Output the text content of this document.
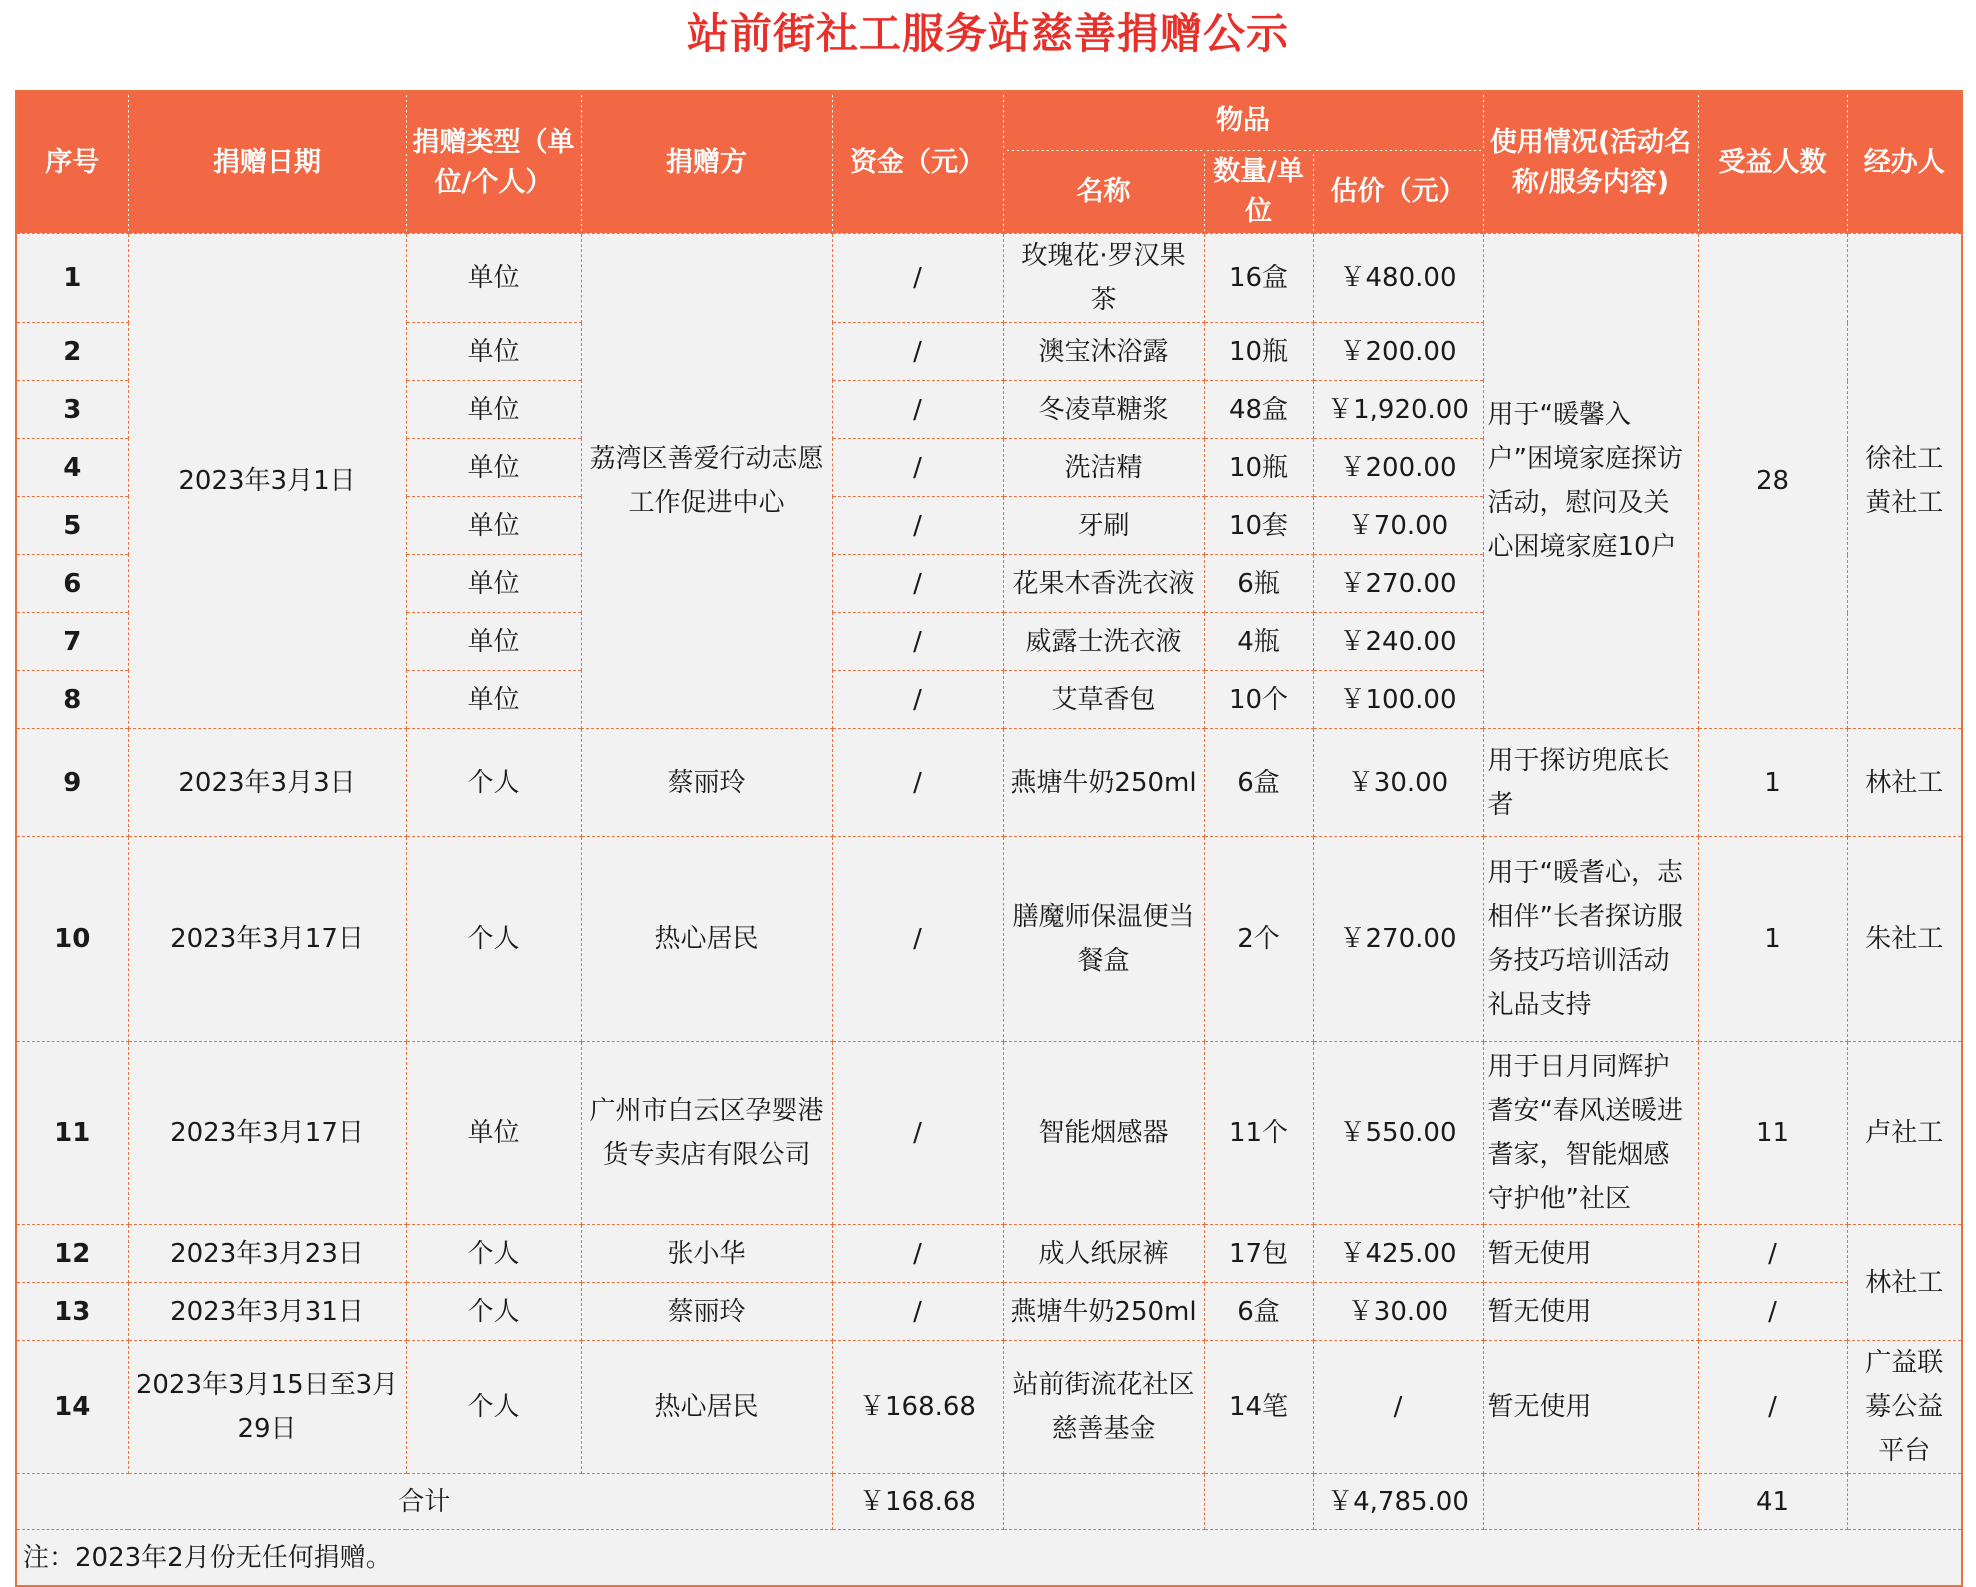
站前街社工服务站慈善捐赠公示
序号	捐赠日期	捐赠类型（单位/个人）	捐赠方	资金（元）	物品			使用情况(活动名称/服务内容)	受益人数	经办人
					名称	数量/单位	估价（元）			
1	2023年3月1日	单位	荔湾区善爱行动志愿工作促进中心	/	玫瑰花·罗汉果茶	16盒	￥480.00	用于“暖馨入户”困境家庭探访活动，慰问及关心困境家庭10户	28	徐社工 黄社工
2		单位		/	澳宝沐浴露	10瓶	￥200.00			
3		单位		/	冬凌草糖浆	48盒	￥1,920.00			
4		单位		/	洗洁精	10瓶	￥200.00			
5		单位		/	牙刷	10套	￥70.00			
6		单位		/	花果木香洗衣液	6瓶	￥270.00			
7		单位		/	威露士洗衣液	4瓶	￥240.00			
8		单位		/	艾草香包	10个	￥100.00			
9	2023年3月3日	个人	蔡丽玲	/	燕塘牛奶250ml	6盒	￥30.00	用于探访兜底长者	1	林社工
10	2023年3月17日	个人	热心居民	/	膳魔师保温便当餐盒	2个	￥270.00	用于“暖耆心，志相伴”长者探访服务技巧培训活动礼品支持	1	朱社工
11	2023年3月17日	单位	广州市白云区孕婴港货专卖店有限公司	/	智能烟感器	11个	￥550.00	用于日月同辉护耆安“春风送暖进耆家，智能烟感守护他”社区	11	卢社工
12	2023年3月23日	个人	张小华	/	成人纸尿裤	17包	￥425.00	暂无使用	/	林社工
13	2023年3月31日	个人	蔡丽玲	/	燕塘牛奶250ml	6盒	￥30.00	暂无使用	/	
14	2023年3月15日至3月29日	个人	热心居民	￥168.68	站前街流花社区慈善基金	14笔	/	暂无使用	/	广益联募公益平台
合计				￥168.68			￥4,785.00		41	
注：2023年2月份无任何捐赠。										
